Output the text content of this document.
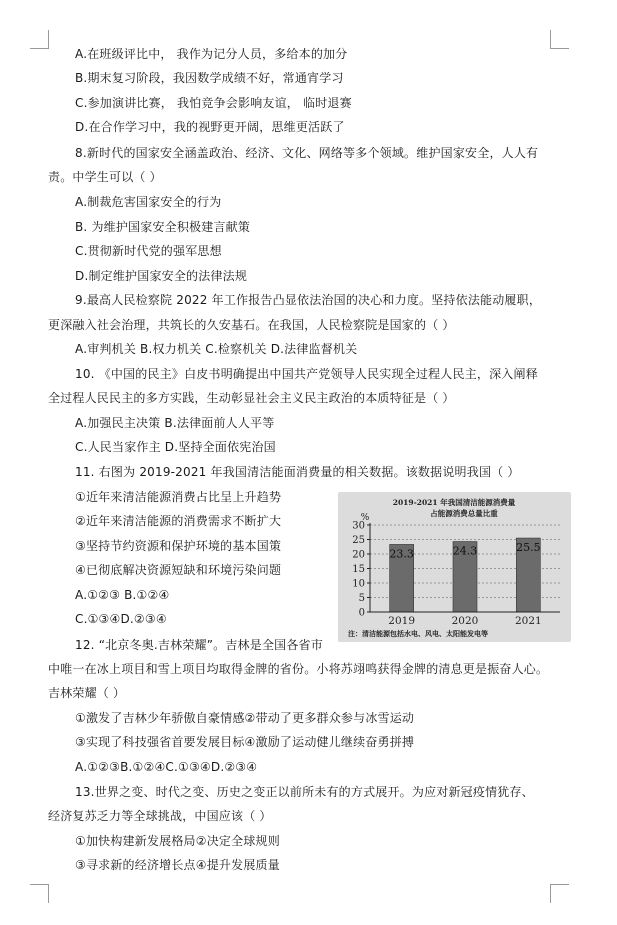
A.在班级评比中， 我作为记分人员，多给本的加分
B.期末复习阶段，我因数学成绩不好，常通宵学习
C.参加演讲比赛， 我怕竞争会影响友谊， 临时退赛
D.在合作学习中，我的视野更开阔，思维更活跃了
8.新时代的国家安全涵盖政治、经济、文化、网络等多个领域。维护国家安全，人人有
责。中学生可以（ ）
A.制裁危害国家安全的行为
B. 为维护国家安全积极建言献策
C.贯彻新时代党的强军思想
D.制定维护国家安全的法律法规
9.最高人民检察院 2022 年工作报告凸显依法治国的决心和力度。坚持依法能动履职，
更深融入社会治理，共筑长的久安基石。在我国，人民检察院是国家的（ ）
A.审判机关 B.权力机关 C.检察机关 D.法律监督机关
10. 《中国的民主》白皮书明确提出中国共产党领导人民实现全过程人民主，深入阐释
全过程人民民主的多方实践，生动彰显社会主义民主政治的本质特征是（ ）
A.加强民主决策 B.法律面前人人平等
C.人民当家作主 D.坚持全面依宪治国
11. 右图为 2019-2021 年我国清洁能面消费量的相关数据。该数据说明我国（ ）
①近年来清洁能源消费占比呈上升趋势
②近年来清洁能源的消费需求不断扩大
③坚持节约资源和保护环境的基本国策
④已彻底解决资源短缺和环境污染问题
A.①②③ B.①②④
C.①③④D.②③④
12. “北京冬奥.吉林荣耀”。吉林是全国各省市
中唯一在冰上项目和雪上项目均取得金牌的省份。小将苏翊鸣获得金牌的清息更是振奋人心。
吉林荣耀（ ）
①激发了吉林少年骄傲自豪情感②带动了更多群众参与冰雪运动
③实现了科技强省首要发展目标④激励了运动健儿继续奋勇拼搏
A.①②③B.①②④C.①③④D.②③④
13.世界之变、时代之变、历史之变正以前所未有的方式展开。为应对新冠疫情犹存、
经济复苏乏力等全球挑战，中国应该（ ）
①加快构建新发展格局②决定全球规则
③寻求新的经济增长点④提升发展质量
2019-2021 年我国清洁能源消费量
占能源消费总量比重
%
0
5
10
15
20
25
30
23.3
2019
24.3
2020
25.5
2021
注：清洁能源包括水电、风电、太阳能发电等
